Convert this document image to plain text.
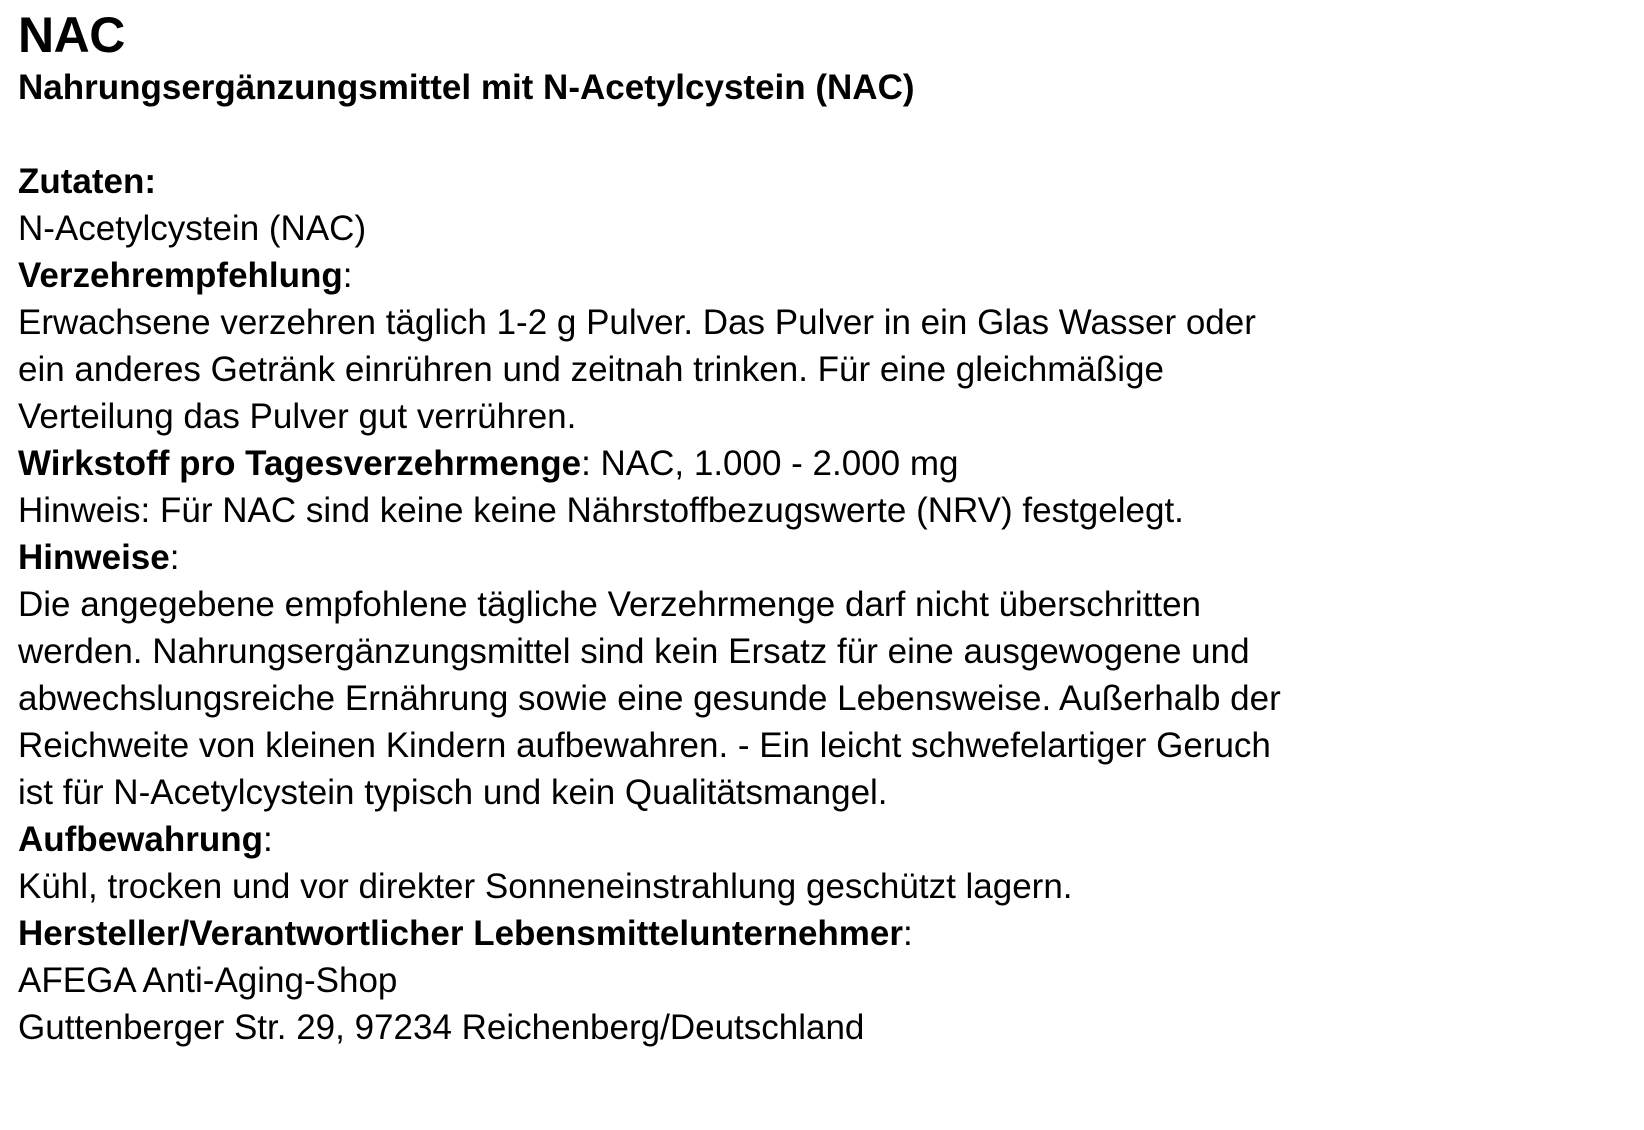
NAC

Nahrungsergänzungsmittel mit N-Acetylcystein (NAC)

Zutaten:

N-Acetylcystein (NAC)

Verzehrempfehlung:

Erwachsene verzehren täglich 1-2 g Pulver. Das Pulver in ein Glas Wasser oder

ein anderes Getränk einrühren und zeitnah trinken. Für eine gleichmäßige

Verteilung das Pulver gut verrühren.

Wirkstoff pro Tagesverzehrmenge: NAC, 1.000 - 2.000 mg

Hinweis: Für NAC sind keine keine Nährstoffbezugswerte (NRV) festgelegt.

Hinweise:

Die angegebene empfohlene tägliche Verzehrmenge darf nicht überschritten

werden. Nahrungsergänzungsmittel sind kein Ersatz für eine ausgewogene und

abwechslungsreiche Ernährung sowie eine gesunde Lebensweise. Außerhalb der

Reichweite von kleinen Kindern aufbewahren. - Ein leicht schwefelartiger Geruch

ist für N-Acetylcystein typisch und kein Qualitätsmangel.

Aufbewahrung:

Kühl, trocken und vor direkter Sonneneinstrahlung geschützt lagern.

Hersteller/Verantwortlicher Lebensmittelunternehmer:

AFEGA Anti-Aging-Shop

Guttenberger Str. 29, 97234 Reichenberg/Deutschland
